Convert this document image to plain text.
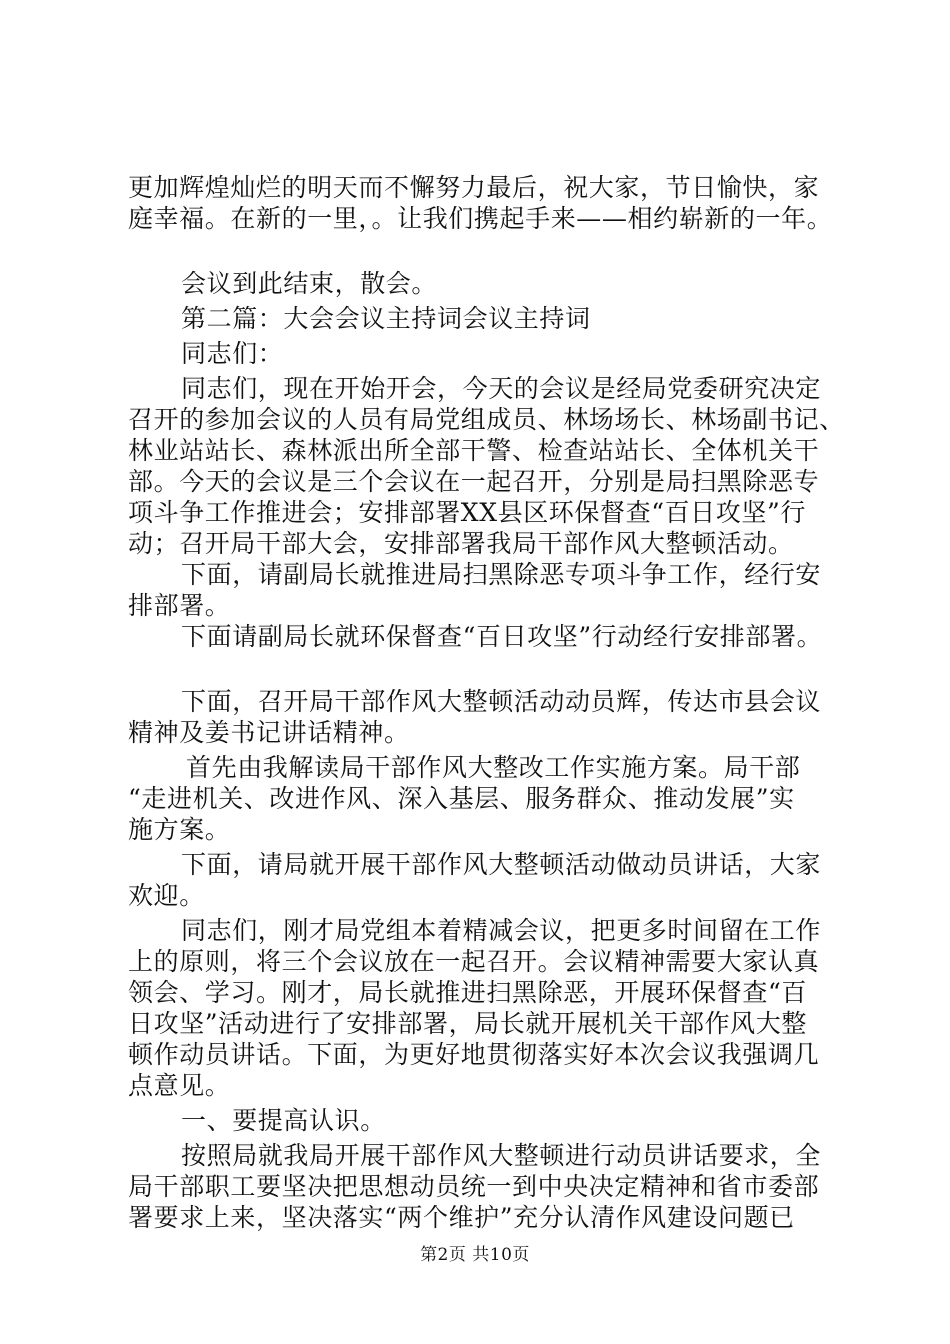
更加辉煌灿烂的明天而不懈努力最后，祝大家，节日愉快，家
庭幸福。在新的一里，。让我们携起手来——相约崭新的一年。
会议到此结束，散会。
第二篇：大会会议主持词会议主持词
同志们：
同志们，现在开始开会，今天的会议是经局党委研究决定
召开的参加会议的人员有局党组成员、林场场长、林场副书记、
林业站站长、森林派出所全部干警、检查站站长、全体机关干
部。今天的会议是三个会议在一起召开，分别是局扫黑除恶专
项斗争工作推进会；安排部署XX县区环保督查“百日攻坚”行
动；召开局干部大会，安排部署我局干部作风大整顿活动。
下面，请副局长就推进局扫黑除恶专项斗争工作，经行安
排部署。
下面请副局长就环保督查“百日攻坚”行动经行安排部署。
下面，召开局干部作风大整顿活动动员辉，传达市县会议
精神及姜书记讲话精神。
首先由我解读局干部作风大整改工作实施方案。局干部
“走进机关、改进作风、深入基层、服务群众、推动发展”实
施方案。
下面，请局就开展干部作风大整顿活动做动员讲话，大家
欢迎。
同志们，刚才局党组本着精减会议，把更多时间留在工作
上的原则，将三个会议放在一起召开。会议精神需要大家认真
领会、学习。刚才，局长就推进扫黑除恶，开展环保督查“百
日攻坚”活动进行了安排部署，局长就开展机关干部作风大整
顿作动员讲话。下面，为更好地贯彻落实好本次会议我强调几
点意见。
一、要提高认识。
按照局就我局开展干部作风大整顿进行动员讲话要求，全
局干部职工要坚决把思想动员统一到中央决定精神和省市委部
署要求上来，坚决落实“两个维护”充分认清作风建设问题已
第2页 共10页
